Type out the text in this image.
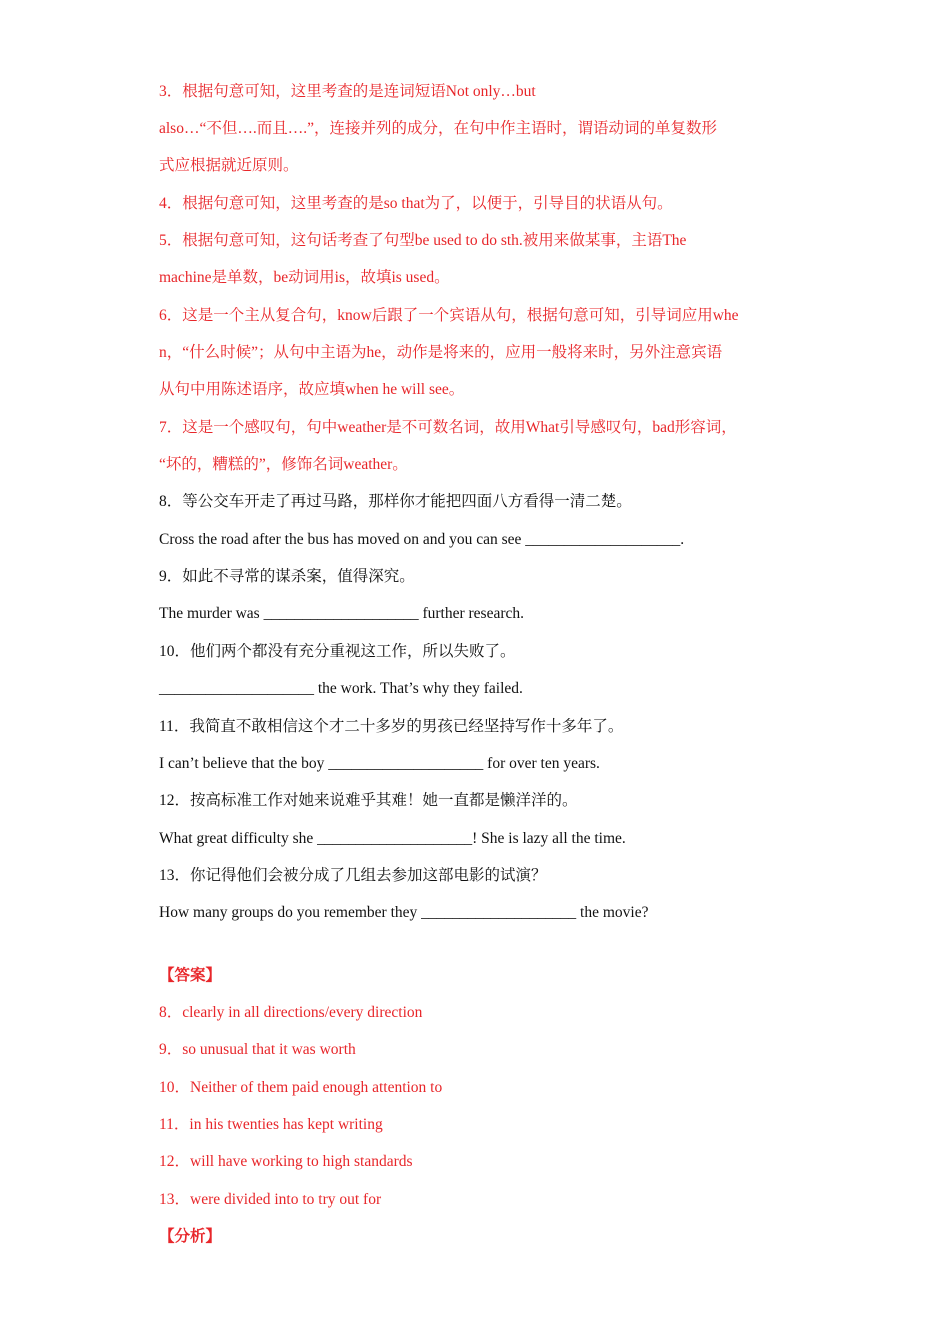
3．根据句意可知，这里考查的是连词短语Not only…but
also…“不但….而且….”，连接并列的成分，在句中作主语时，谓语动词的单复数形
式应根据就近原则。
4．根据句意可知，这里考查的是so that为了，以便于，引导目的状语从句。
5．根据句意可知，这句话考查了句型be used to do sth.被用来做某事，主语The
machine是单数，be动词用is，故填is used。
6．这是一个主从复合句，know后跟了一个宾语从句，根据句意可知，引导词应用whe
n，“什么时候”；从句中主语为he，动作是将来的，应用一般将来时，另外注意宾语
从句中用陈述语序，故应填when he will see。
7．这是一个感叹句，句中weather是不可数名词，故用What引导感叹句，bad形容词，
“坏的，糟糕的”，修饰名词weather。
8．等公交车开走了再过马路，那样你才能把四面八方看得一清二楚。
Cross the road after the bus has moved on and you can see ____________________.
9．如此不寻常的谋杀案，值得深究。
The murder was ____________________ further research.
10．他们两个都没有充分重视这工作，所以失败了。
____________________ the work. That’s why they failed.
11．我简直不敢相信这个才二十多岁的男孩已经坚持写作十多年了。
I can’t believe that the boy ____________________ for over ten years.
12．按高标准工作对她来说难乎其难！她一直都是懒洋洋的。
What great difficulty she ____________________! She is lazy all the time.
13．你记得他们会被分成了几组去参加这部电影的试演？
How many groups do you remember they ____________________ the movie?
【答案】
8．clearly in all directions/every direction
9．so unusual that it was worth
10．Neither of them paid enough attention to
11．in his twenties has kept writing
12．will have working to high standards
13．were divided into to try out for
【分析】
